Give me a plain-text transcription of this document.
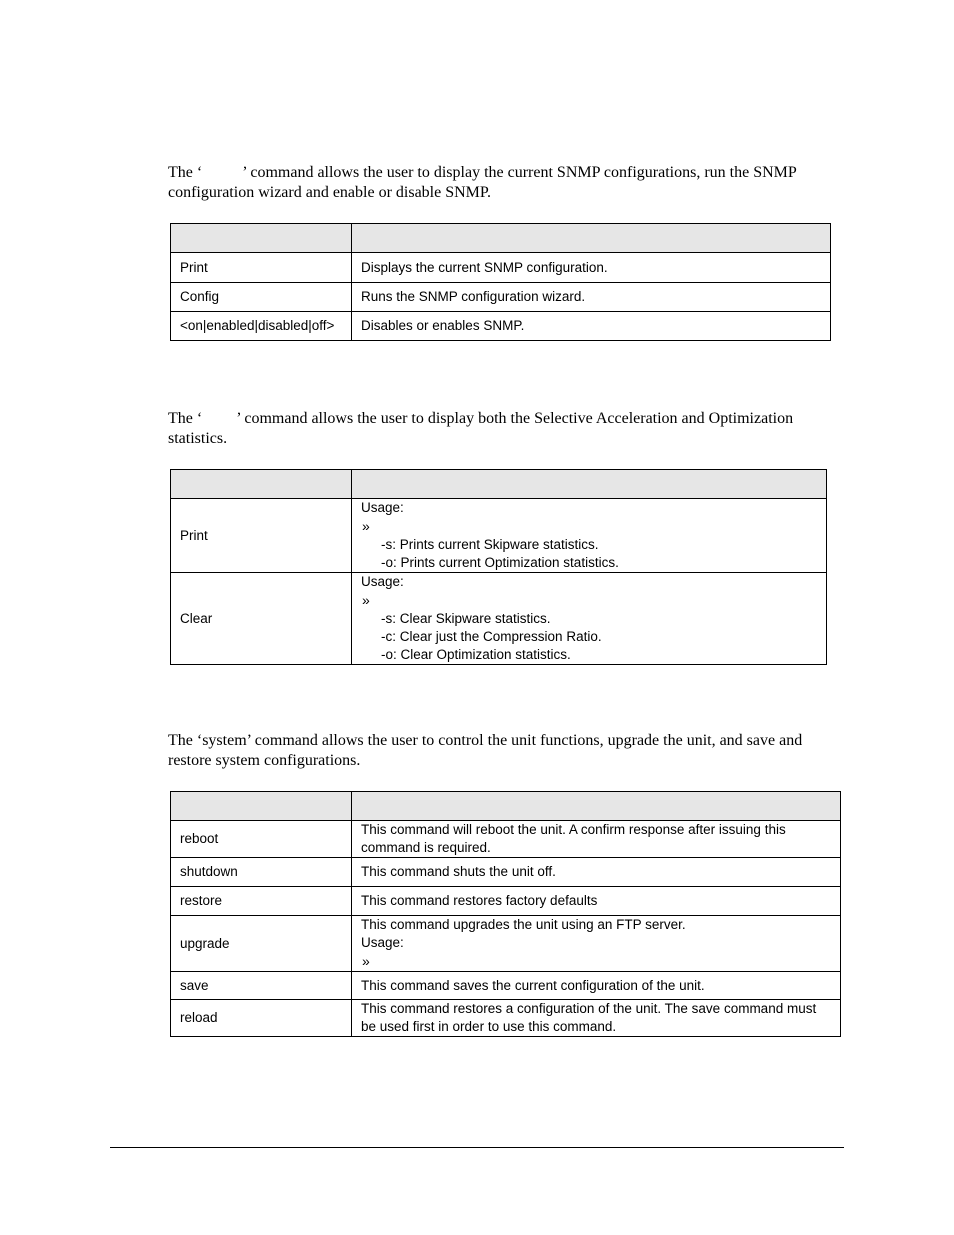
The ‘	’ command allows the user to display the current SNMP configurations, run the SNMP configuration wizard and enable or disable SNMP.

Print	Displays the current SNMP configuration.
Config	Runs the SNMP configuration wizard.
<on|enabled|disabled|off>	Disables or enables SNMP.

The ‘ ’ command allows the user to display both the Selective Acceleration and Optimization statistics.

Print	Usage:
»
-s: Prints current Skipware statistics.
-o: Prints current Optimization statistics.

Clear	Usage:
»
-s: Clear Skipware statistics.
-c: Clear just the Compression Ratio.
-o: Clear Optimization statistics.

The ‘system’ command allows the user to control the unit functions, upgrade the unit, and save and restore system configurations.

reboot	This command will reboot the unit. A confirm response after issuing this command is required.
shutdown	This command shuts the unit off.
restore	This command restores factory defaults
upgrade	This command upgrades the unit using an FTP server.
Usage:
»
save	This command saves the current configuration of the unit.
reload	This command restores a configuration of the unit. The save command must be used first in order to use this command.
